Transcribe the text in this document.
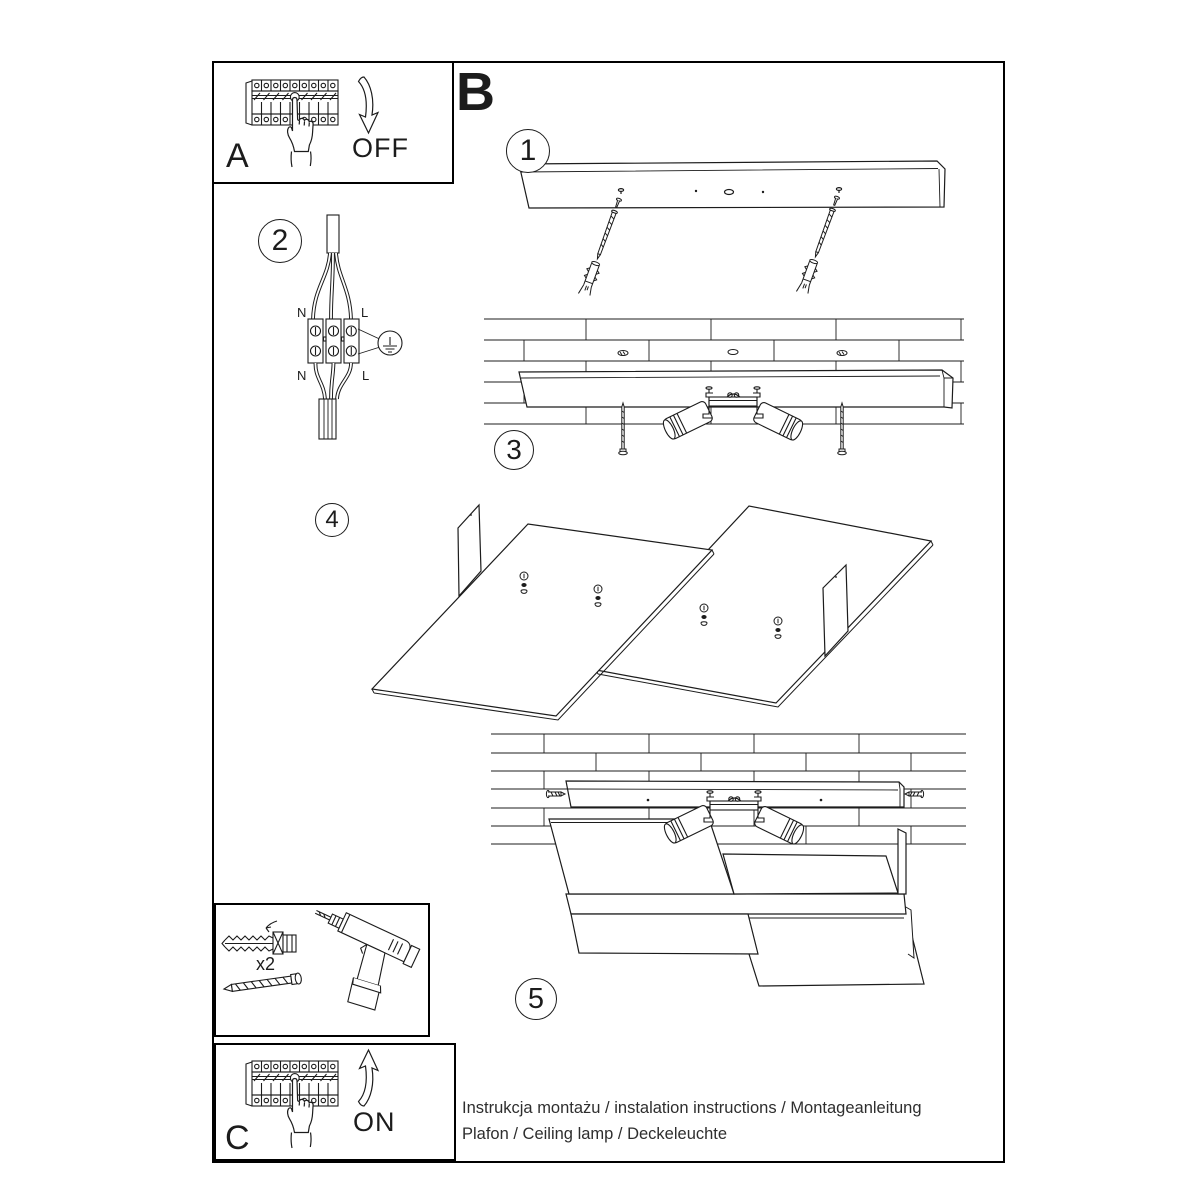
1
2
3
4
5
A	OFF
B
N	L
N	L
x2
C	ON	Instrukcja montażu / instalation instructions / Montageanleitung
Plafon / Ceiling lamp / Deckeleuchte
